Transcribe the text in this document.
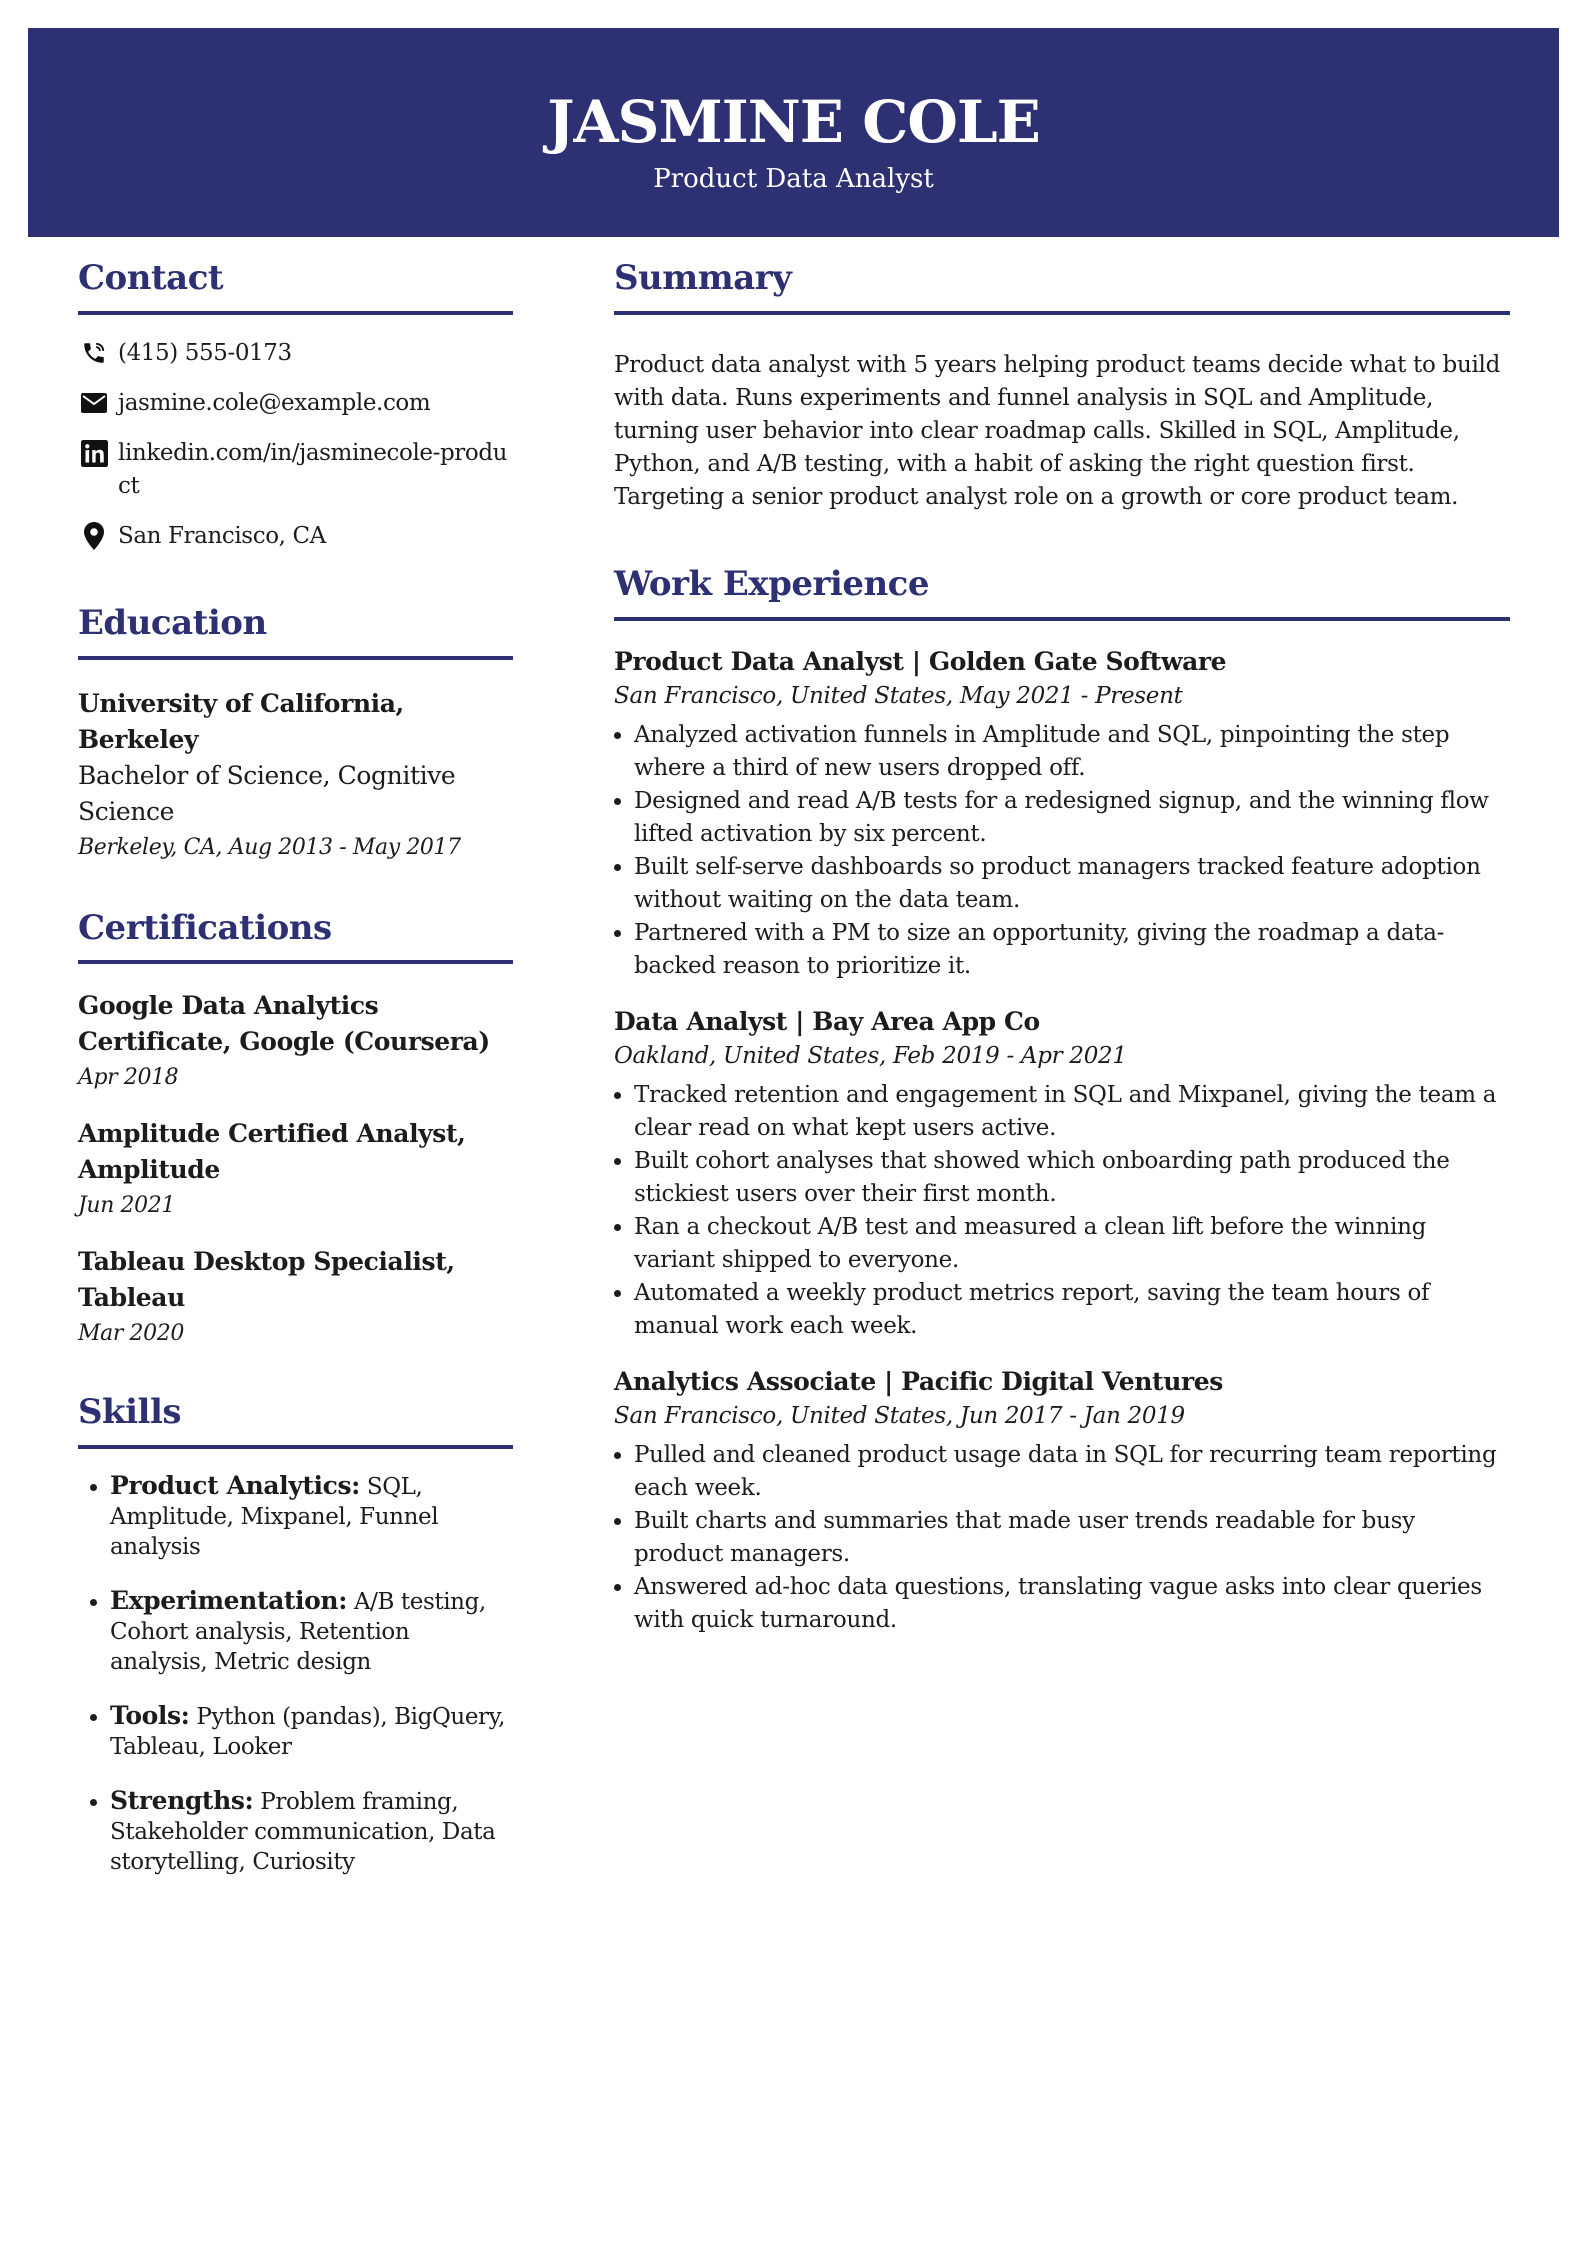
JASMINE COLE
Product Data Analyst
Contact
(415) 555-0173
jasmine.cole@example.com
linkedin.com/in/jasminecole-product
San Francisco, CA
Education
University of California, Berkeley
Bachelor of Science, Cognitive Science
Berkeley, CA, Aug 2013 - May 2017
Certifications
Google Data Analytics Certificate, Google (Coursera)
Apr 2018
Amplitude Certified Analyst, Amplitude
Jun 2021
Tableau Desktop Specialist, Tableau
Mar 2020
Skills
• Product Analytics: SQL, Amplitude, Mixpanel, Funnel analysis
• Experimentation: A/B testing, Cohort analysis, Retention analysis, Metric design
• Tools: Python (pandas), BigQuery, Tableau, Looker
• Strengths: Problem framing, Stakeholder communication, Data storytelling, Curiosity
Summary
Product data analyst with 5 years helping product teams decide what to build with data. Runs experiments and funnel analysis in SQL and Amplitude, turning user behavior into clear roadmap calls. Skilled in SQL, Amplitude, Python, and A/B testing, with a habit of asking the right question first. Targeting a senior product analyst role on a growth or core product team.
Work Experience
Product Data Analyst | Golden Gate Software
San Francisco, United States, May 2021 - Present
• Analyzed activation funnels in Amplitude and SQL, pinpointing the step where a third of new users dropped off.
• Designed and read A/B tests for a redesigned signup, and the winning flow lifted activation by six percent.
• Built self-serve dashboards so product managers tracked feature adoption without waiting on the data team.
• Partnered with a PM to size an opportunity, giving the roadmap a data-backed reason to prioritize it.
Data Analyst | Bay Area App Co
Oakland, United States, Feb 2019 - Apr 2021
• Tracked retention and engagement in SQL and Mixpanel, giving the team a clear read on what kept users active.
• Built cohort analyses that showed which onboarding path produced the stickiest users over their first month.
• Ran a checkout A/B test and measured a clean lift before the winning variant shipped to everyone.
• Automated a weekly product metrics report, saving the team hours of manual work each week.
Analytics Associate | Pacific Digital Ventures
San Francisco, United States, Jun 2017 - Jan 2019
• Pulled and cleaned product usage data in SQL for recurring team reporting each week.
• Built charts and summaries that made user trends readable for busy product managers.
• Answered ad-hoc data questions, translating vague asks into clear queries with quick turnaround.
